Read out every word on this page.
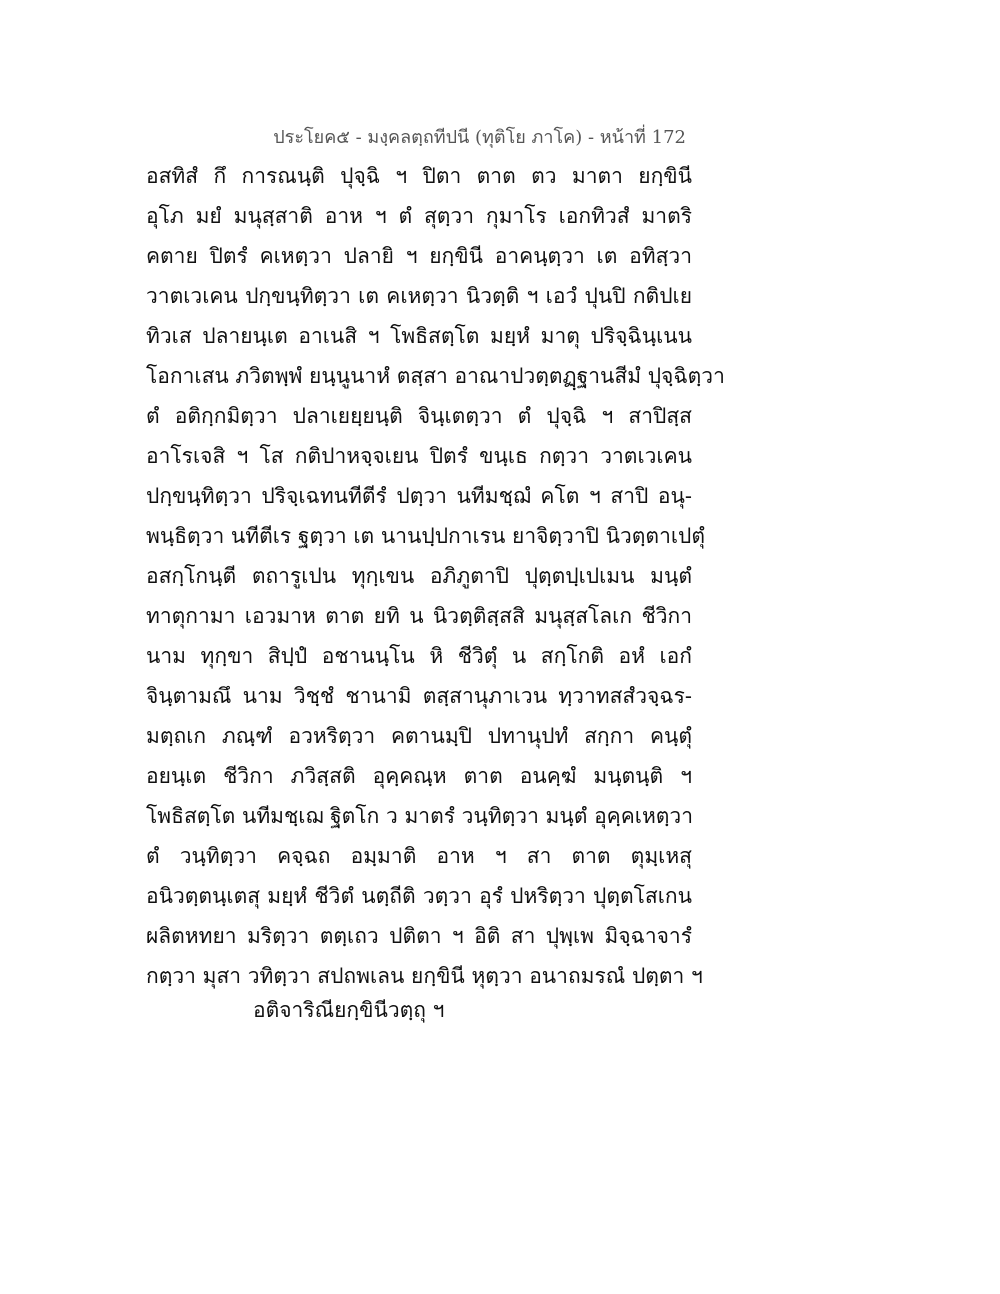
ประโยค๕ - มงฺคลตฺถทีปนี (ทุติโย ภาโค) - หน้าที่ 172
อสทิสํ กึ การณนฺติ ปุจฺฉิ ฯ ปิตา ตาต ตว มาตา ยกฺขินี
อุโภ มยํ มนุสฺสาติ อาห ฯ ตํ สุตฺวา กุมาโร เอกทิวสํ มาตริ
คตาย ปิตรํ คเหตฺวา ปลายิ ฯ ยกฺขินี อาคนฺตฺวา เต อทิสฺวา
วาตเวเคน ปกฺขนฺทิตฺวา เต คเหตฺวา นิวตฺติ ฯ เอวํ ปุนปิ กติปเย
ทิวเส ปลายนฺเต อาเนสิ ฯ โพธิสตฺโต มยฺหํ มาตุ ปริจฺฉินฺเนน
โอกาเสน ภวิตพฺพํ ยนฺนูนาหํ ตสฺสา อาณาปวตฺตฏฺฐานสีมํ ปุจฺฉิตฺวา
ตํ อติกฺกมิตฺวา ปลาเยยฺยนฺติ จินฺเตตฺวา ตํ ปุจฺฉิ ฯ สาปิสฺส
อาโรเจสิ ฯ โส กติปาหจฺจเยน ปิตรํ ขนฺเธ กตฺวา วาตเวเคน
ปกฺขนฺทิตฺวา ปริจฺเฉทนทีตีรํ ปตฺวา นทีมชฺฌํ คโต ฯ สาปิ อนุ-
พนฺธิตฺวา นทีตีเร ฐตฺวา เต นานปฺปกาเรน ยาจิตฺวาปิ นิวตฺตาเปตุํ
อสกฺโกนฺตี ตถารูเปน ทุกฺเขน อภิภูตาปิ ปุตฺตปฺเปเมน มนฺตํ
ทาตุกามา เอวมาห ตาต ยทิ น นิวตฺติสฺสสิ มนุสฺสโลเก ชีวิกา
นาม ทุกฺขา สิปฺปํ อชานนฺโน หิ ชีวิตุํ น สกฺโกติ อหํ เอกํ
จินฺตามณึ นาม วิชฺชํ ชานามิ ตสฺสานุภาเวน ทฺวาทสสํวจฺฉร-
มตฺถเก ภณฺฑํ อวหริตฺวา คตานมฺปิ ปทานุปทํ สกฺกา คนฺตุํ
อยนฺเต ชีวิกา ภวิสฺสติ อุคฺคณฺห ตาต อนคฺฆํ มนฺตนฺติ ฯ
โพธิสตฺโต นทีมชฺเฌ ฐิตโก ว มาตรํ วนฺทิตฺวา มนฺตํ อุคฺคเหตฺวา
ตํ วนฺทิตฺวา คจฺฉถ อมฺมาติ อาห ฯ สา ตาต ตุมฺเหสุ
อนิวตฺตนฺเตสุ มยฺหํ ชีวิตํ นตฺถีติ วตฺวา อุรํ ปหริตฺวา ปุตฺตโสเกน
ผลิตหทยา มริตฺวา ตตฺเถว ปติตา ฯ อิติ สา ปุพฺเพ มิจฺฉาจารํ
กตฺวา มุสา วทิตฺวา สปถพเลน ยกฺขินี หุตฺวา อนาถมรณํ ปตฺตา ฯ
อติจาริณียกฺขินีวตฺถุ ฯ
